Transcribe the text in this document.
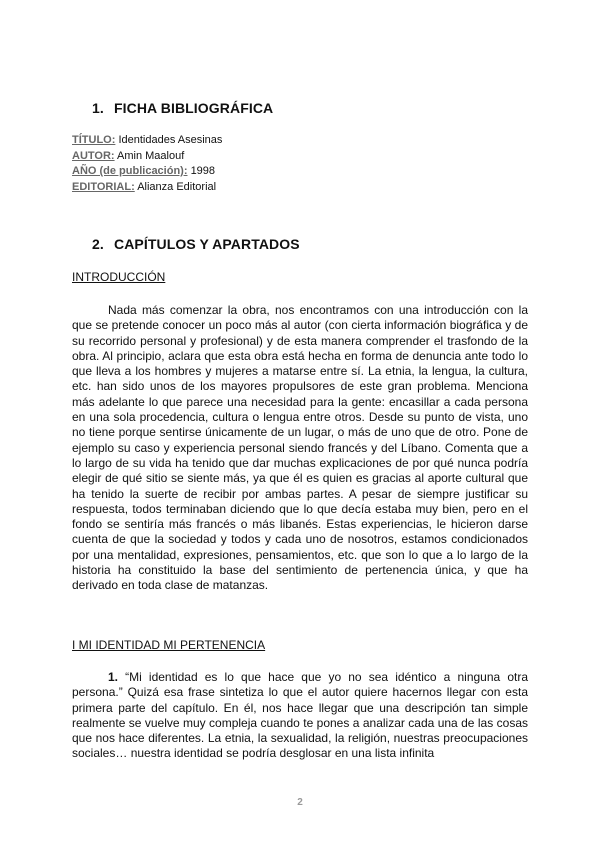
1. FICHA BIBLIOGRÁFICA
TÍTULO: Identidades Asesinas
AUTOR: Amin Maalouf
AÑO (de publicación): 1998
EDITORIAL: Alianza Editorial
2. CAPÍTULOS Y APARTADOS
INTRODUCCIÓN

Nada más comenzar la obra, nos encontramos con una introducción con la que se pretende conocer un poco más al autor (con cierta información biográfica y de su recorrido personal y profesional) y de esta manera comprender el trasfondo de la obra. Al principio, aclara que esta obra está hecha en forma de denuncia ante todo lo que lleva a los hombres y mujeres a matarse entre sí. La etnia, la lengua, la cultura, etc. han sido unos de los mayores propulsores de este gran problema. Menciona más adelante lo que parece una necesidad para la gente: encasillar a cada persona en una sola procedencia, cultura o lengua entre otros. Desde su punto de vista, uno no tiene porque sentirse únicamente de un lugar, o más de uno que de otro. Pone de ejemplo su caso y experiencia personal siendo francés y del Líbano. Comenta que a lo largo de su vida ha tenido que dar muchas explicaciones de por qué nunca podría elegir de qué sitio se siente más, ya que él es quien es gracias al aporte cultural que ha tenido la suerte de recibir por ambas partes. A pesar de siempre justificar su respuesta, todos terminaban diciendo que lo que decía estaba muy bien, pero en el fondo se sentiría más francés o más libanés. Estas experiencias, le hicieron darse cuenta de que la sociedad y todos y cada uno de nosotros, estamos condicionados por una mentalidad, expresiones, pensamientos, etc. que son lo que a lo largo de la historia ha constituido la base del sentimiento de pertenencia única, y que ha derivado en toda clase de matanzas.

I MI IDENTIDAD MI PERTENENCIA

1. “Mi identidad es lo que hace que yo no sea idéntico a ninguna otra persona.” Quizá esa frase sintetiza lo que el autor quiere hacernos llegar con esta primera parte del capítulo. En él, nos hace llegar que una descripción tan simple realmente se vuelve muy compleja cuando te pones a analizar cada una de las cosas que nos hace diferentes. La etnia, la sexualidad, la religión, nuestras preocupaciones sociales… nuestra identidad se podría desglosar en una lista infinita

2
